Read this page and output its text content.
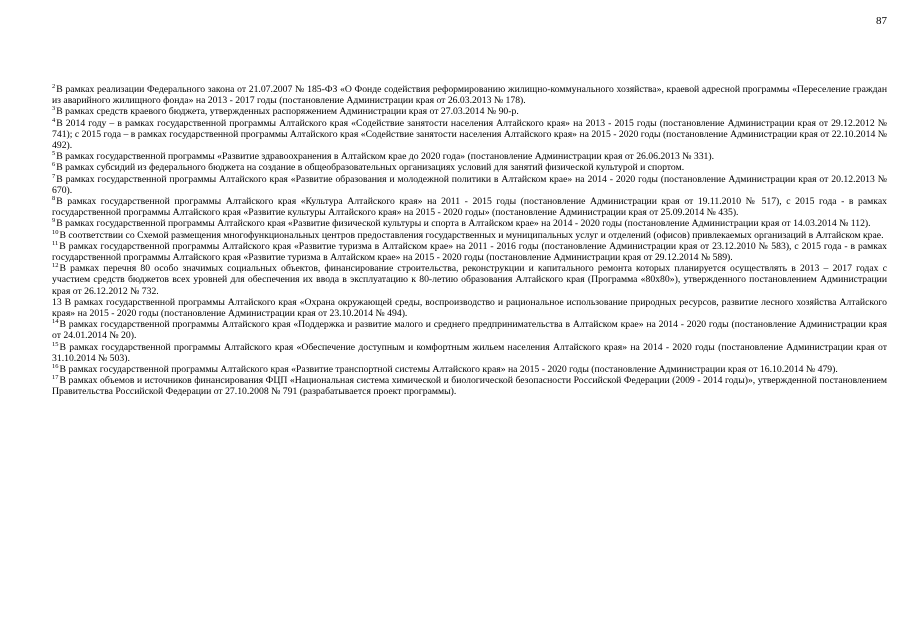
87

$^2$В рамках реализации Федерального закона от 21.07.2007 № 185-ФЗ «О Фонде содействия реформированию жилищно-коммунального хозяйства», краевой адресной программы «Переселение граждан из аварийного жилищного фонда» на 2013 - 2017 годы (постановление Администрации края от 26.03.2013 № 178).

$^3$В рамках средств краевого бюджета, утвержденных распоряжением Администрации края от 27.03.2014 № 90-р.

$^4$В 2014 году – в рамках государственной программы Алтайского края «Содействие занятости населения Алтайского края» на 2013 - 2015 годы (постановление Администрации края от 29.12.2012 № 741); с 2015 года – в рамках государственной программы Алтайского края «Содействие занятости населения Алтайского края» на 2015 - 2020 годы (постановление Администрации края от 22.10.2014 № 492).

$^5$В рамках государственной программы «Развитие здравоохранения в Алтайском крае до 2020 года» (постановление Администрации края от 26.06.2013 № 331).

$^6$В рамках субсидий из федерального бюджета на создание в общеобразовательных организациях условий для занятий физической культурой и спортом.

$^7$В рамках государственной программы Алтайского края «Развитие образования и молодежной политики в Алтайском крае» на 2014 - 2020 годы (постановление Администрации края от 20.12.2013 № 670).

$^8$В рамках государственной программы Алтайского края «Культура Алтайского края» на 2011 - 2015 годы (постановление Администрации края от 19.11.2010 № 517), с 2015 года - в рамках государственной программы Алтайского края «Развитие культуры Алтайского края» на 2015 - 2020 годы» (постановление Администрации края от 25.09.2014 № 435).

$^9$В рамках государственной программы Алтайского края «Развитие физической культуры и спорта в Алтайском крае» на 2014 - 2020 годы (постановление Администрации края от 14.03.2014 № 112).

$^{10}$В соответствии со Схемой размещения многофункциональных центров предоставления государственных и муниципальных услуг и отделений (офисов) привлекаемых организаций в Алтайском крае.

$^{11}$В рамках государственной программы Алтайского края «Развитие туризма в Алтайском крае» на 2011 - 2016 годы (постановление Администрации края от 23.12.2010 № 583), с 2015 года - в рамках государственной программы Алтайского края «Развитие туризма в Алтайском крае» на 2015 - 2020 годы (постановление Администрации края от 29.12.2014 № 589).

$^{12}$В рамках перечня 80 особо значимых социальных объектов, финансирование строительства, реконструкции и капитального ремонта которых планируется осуществлять в 2013 – 2017 годах с участием средств бюджетов всех уровней для обеспечения их ввода в эксплуатацию к 80-летию образования Алтайского края (Программа «80х80»), утвержденного постановлением Администрации края от 26.12.2012 № 732.

13 В рамках государственной программы Алтайского края «Охрана окружающей среды, воспроизводство и рациональное использование природных ресурсов, развитие лесного хозяйства Алтайского края» на 2015 - 2020 годы (постановление Администрации края от 23.10.2014 № 494).

$^{14}$В рамках государственной программы Алтайского края «Поддержка и развитие малого и среднего предпринимательства в Алтайском крае» на 2014 - 2020 годы (постановление Администрации края от 24.01.2014 № 20).

$^{15}$В рамках государственной программы Алтайского края «Обеспечение доступным и комфортным жильем населения Алтайского края» на 2014 - 2020 годы (постановление Администрации края от 31.10.2014 № 503).

$^{16}$В рамках государственной программы Алтайского края «Развитие транспортной системы Алтайского края» на 2015 - 2020 годы (постановление Администрации края от 16.10.2014 № 479).

$^{17}$В рамках объемов и источников финансирования ФЦП «Национальная система химической и биологической безопасности Российской Федерации (2009 - 2014 годы)», утвержденной постановлением Правительства Российской Федерации от 27.10.2008 № 791 (разрабатывается проект программы).
